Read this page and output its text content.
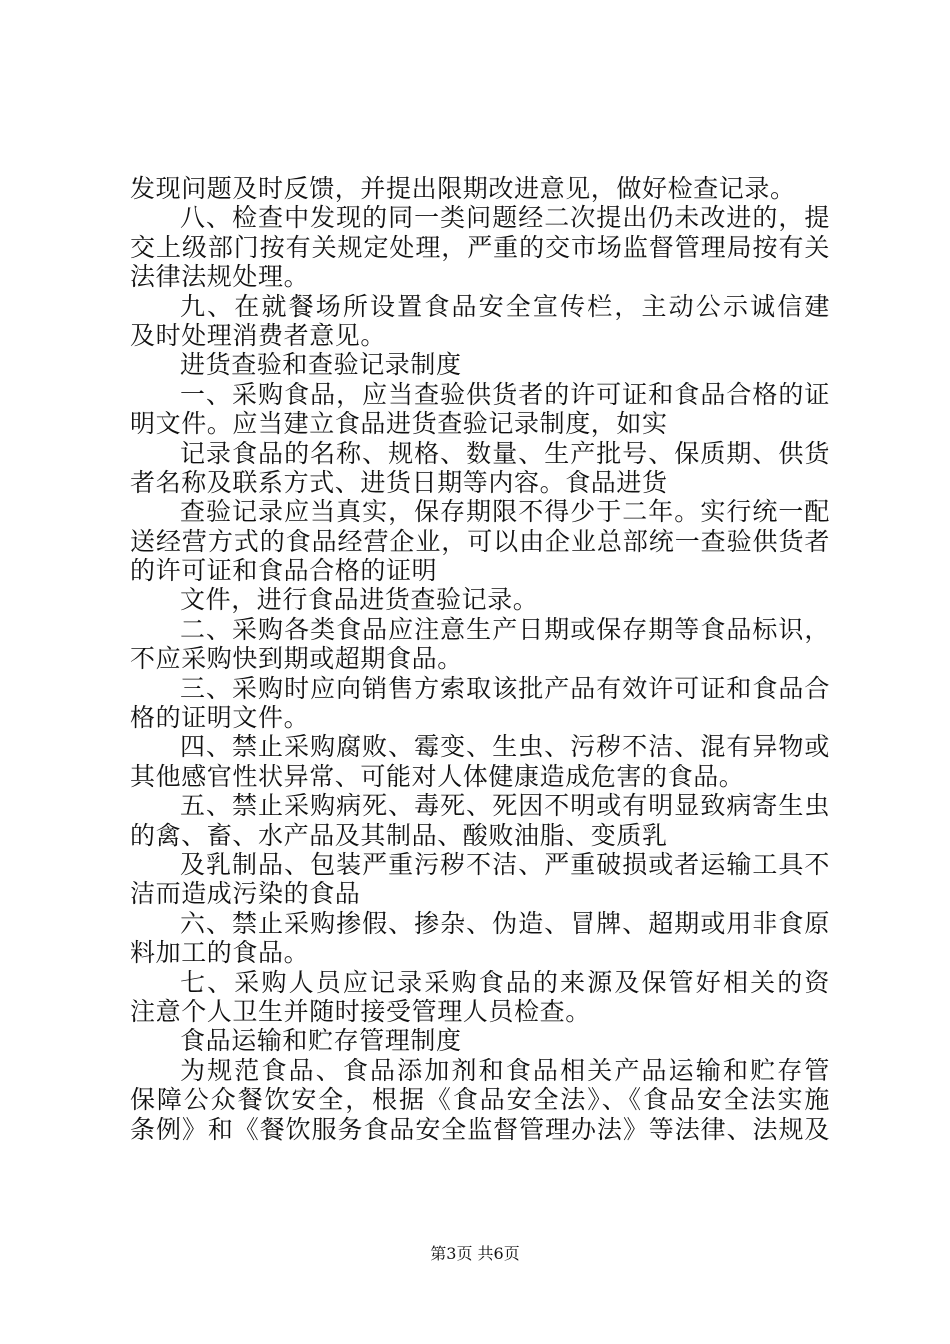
发现问题及时反馈，并提出限期改进意见，做好检查记录。
八、检查中发现的同一类问题经二次提出仍未改进的，提
交上级部门按有关规定处理，严重的交市场监督管理局按有关
法律法规处理。
九、在就餐场所设置食品安全宣传栏，主动公示诚信建
及时处理消费者意见。
进货查验和查验记录制度
一、采购食品，应当查验供货者的许可证和食品合格的证
明文件。应当建立食品进货查验记录制度，如实
记录食品的名称、规格、数量、生产批号、保质期、供货
者名称及联系方式、进货日期等内容。食品进货
查验记录应当真实，保存期限不得少于二年。实行统一配
送经营方式的食品经营企业，可以由企业总部统一查验供货者
的许可证和食品合格的证明
文件，进行食品进货查验记录。
二、采购各类食品应注意生产日期或保存期等食品标识，
不应采购快到期或超期食品。
三、采购时应向销售方索取该批产品有效许可证和食品合
格的证明文件。
四、禁止采购腐败、霉变、生虫、污秽不洁、混有异物或
其他感官性状异常、可能对人体健康造成危害的食品。
五、禁止采购病死、毒死、死因不明或有明显致病寄生虫
的禽、畜、水产品及其制品、酸败油脂、变质乳
及乳制品、包装严重污秽不洁、严重破损或者运输工具不
洁而造成污染的食品
六、禁止采购掺假、掺杂、伪造、冒牌、超期或用非食原
料加工的食品。
七、采购人员应记录采购食品的来源及保管好相关的资
注意个人卫生并随时接受管理人员检查。
食品运输和贮存管理制度
为规范食品、食品添加剂和食品相关产品运输和贮存管
保障公众餐饮安全，根据《食品安全法》、《食品安全法实施
条例》和《餐饮服务食品安全监督管理办法》等法律、法规及
第3页 共6页
